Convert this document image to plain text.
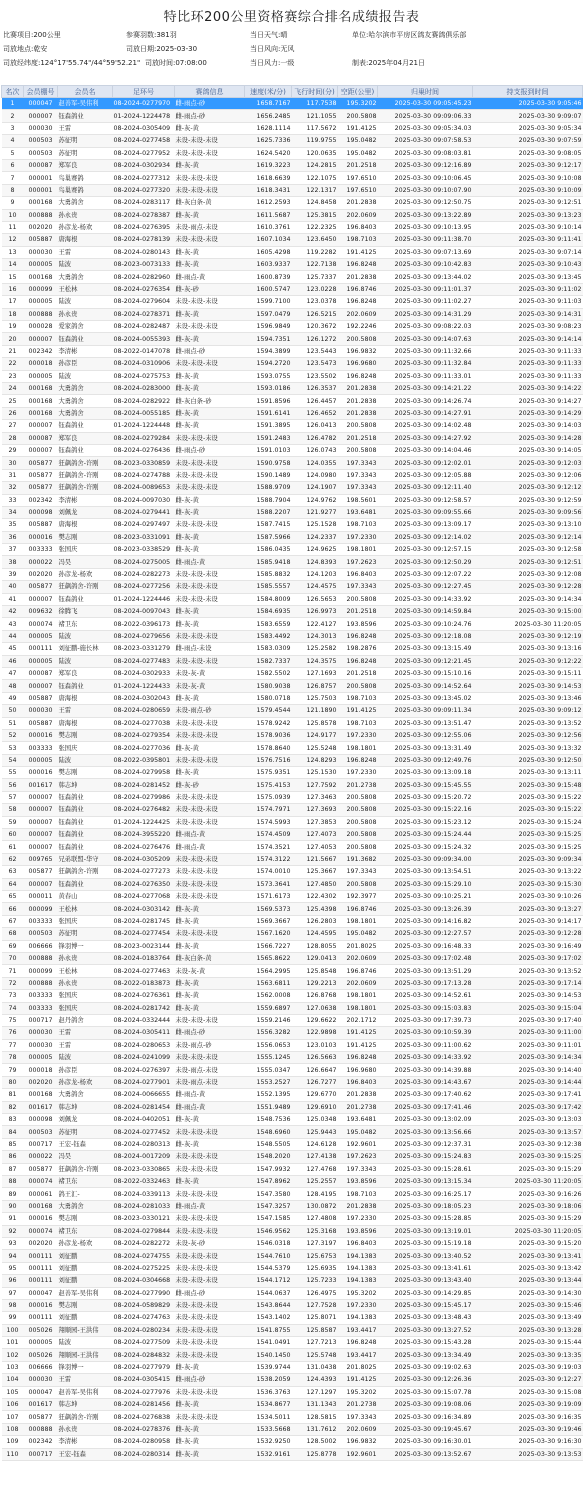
特比环200公里资格赛综合排名成绩报告表
比赛项目:200公里	参赛羽数:381羽	当日天气:晴	单位:哈尔滨市平房区鸽友赛鸽俱乐部
司放地点:乾安	司放日期:2025-03-30	当日风向:无风
司放经纬度:124°17'55.74"/44°59'52.21" 司放时间:07:08:00	当日风力:一级	制表:2025年04月21日
名次	会员棚号	会员名	足环号	赛鸽信息	速度(米/分)	飞行时间(分)	空距(公里)	归巢时间	持支报到时间
1	000047	赵善军-吴伟利	08-2024-0277970	雌-雨点-砂	1658.7167	117.7538	195.3202	2025-03-30 09:05:45.23	2025-03-30 9:05:46
2	000007	钰森鸽业	01-2024-1224478	雌-雨点-砂	1656.2485	121.1055	200.5808	2025-03-30 09:09:06.33	2025-03-30 9:09:07
3	000030	王雷	08-2024-0305409	雌-灰-黄	1628.1114	117.5672	191.4125	2025-03-30 09:05:34.03	2025-03-30 9:05:34
4	000503	苏征明	08-2024-0277458	未设-未设-未设	1625.7336	119.9755	195.0482	2025-03-30 09:07:58.53	2025-03-30 9:07:59
5	000503	苏征明	08-2024-0277952	未设-未设-未设	1624.5420	120.0635	195.0482	2025-03-30 09:08:03.81	2025-03-30 9:08:05
6	000087	郑军良	08-2024-0302934	雌-灰-黄	1619.3223	124.2815	201.2518	2025-03-30 09:12:16.89	2025-03-30 9:12:17
7	000001	鸟巢赛鸽	08-2024-0277312	未设-未设-未设	1618.6639	122.1075	197.6510	2025-03-30 09:10:06.45	2025-03-30 9:10:08
8	000001	鸟巢赛鸽	08-2024-0277320	未设-未设-未设	1618.3431	122.1317	197.6510	2025-03-30 09:10:07.90	2025-03-30 9:10:09
9	000168	大勇鸽舍	08-2024-0283117	雌-灰白条-黄	1612.2593	124.8458	201.2838	2025-03-30 09:12:50.75	2025-03-30 9:12:51
10	000888	孙永贵	08-2024-0278387	雌-灰-黄	1611.5687	125.3815	202.0609	2025-03-30 09:13:22.89	2025-03-30 9:13:23
11	002020	孙彦龙-杨欢	08-2024-0276395	未设-雨点-未设	1610.3761	122.2325	196.8403	2025-03-30 09:10:13.95	2025-03-30 9:10:14
12	005887	唐海根	08-2024-0278139	未设-未设-未设	1607.1034	123.6450	198.7103	2025-03-30 09:11:38.70	2025-03-30 9:11:41
13	000030	王雷	08-2024-0280143	雌-灰-黄	1605.4298	119.2282	191.4125	2025-03-30 09:07:13.69	2025-03-30 9:07:14
14	000005	陆波	08-2023-0073133	雌-灰-黄	1603.9337	122.7138	196.8248	2025-03-30 09:10:42.83	2025-03-30 9:10:43
15	000168	大勇鸽舍	08-2024-0282960	雌-雨点-黄	1600.8739	125.7337	201.2838	2025-03-30 09:13:44.02	2025-03-30 9:13:45
16	000099	王松林	08-2024-0276354	雌-灰-砂	1600.5747	123.0228	196.8746	2025-03-30 09:11:01.37	2025-03-30 9:11:02
17	000005	陆波	08-2024-0279604	未设-未设-未设	1599.7100	123.0378	196.8248	2025-03-30 09:11:02.27	2025-03-30 9:11:03
18	000888	孙永贵	08-2024-0278371	雌-灰-黄	1597.0479	126.5215	202.0609	2025-03-30 09:14:31.29	2025-03-30 9:14:31
19	000028	爱家鸽舍	08-2024-0282487	未设-未设-未设	1596.9849	120.3672	192.2246	2025-03-30 09:08:22.03	2025-03-30 9:08:23
20	000007	钰森鸽业	08-2024-0055393	雌-灰-黄	1594.7351	126.1272	200.5808	2025-03-30 09:14:07.63	2025-03-30 9:14:14
21	002342	李清彬	08-2022-0147078	雌-雨点-砂	1594.3899	123.5443	196.9832	2025-03-30 09:11:32.66	2025-03-30 9:11:33
22	000018	孙彦臣	08-2024-0310906	未设-未设-未设	1594.2720	123.5473	196.9680	2025-03-30 09:11:32.84	2025-03-30 9:11:33
23	000005	陆波	08-2024-0275753	雌-灰-黄	1593.0755	123.5502	196.8248	2025-03-30 09:11:33.01	2025-03-30 9:11:33
24	000168	大勇鸽舍	08-2024-0283000	雌-灰-黄	1593.0186	126.3537	201.2838	2025-03-30 09:14:21.22	2025-03-30 9:14:22
25	000168	大勇鸽舍	08-2024-0282922	雌-灰白条-砂	1591.8596	126.4457	201.2838	2025-03-30 09:14:26.74	2025-03-30 9:14:27
26	000168	大勇鸽舍	08-2024-0055185	雌-灰-黄	1591.6141	126.4652	201.2838	2025-03-30 09:14:27.91	2025-03-30 9:14:29
27	000007	钰森鸽业	01-2024-1224448	雌-灰-黄	1591.3895	126.0413	200.5808	2025-03-30 09:14:02.48	2025-03-30 9:14:03
28	000087	郑军良	08-2024-0279284	未设-未设-未设	1591.2483	126.4782	201.2518	2025-03-30 09:14:27.92	2025-03-30 9:14:28
29	000007	钰森鸽业	08-2024-0276436	雌-雨点-砂	1591.0103	126.0743	200.5808	2025-03-30 09:14:04.46	2025-03-30 9:14:05
30	005877	狂飙鸽舍-许刚	08-2023-0330859	未设-未设-未设	1590.9758	124.0355	197.3343	2025-03-30 09:12:02.01	2025-03-30 9:12:03
31	005877	狂飙鸽舍-许刚	08-2024-0274788	未设-未设-未设	1590.1489	124.0980	197.3343	2025-03-30 09:12:05.88	2025-03-30 9:12:06
32	005877	狂飙鸽舍-许刚	08-2024-0089653	未设-未设-未设	1588.9709	124.1907	197.3343	2025-03-30 09:12:11.40	2025-03-30 9:12:12
33	002342	李清彬	08-2024-0097030	雌-灰-黄	1588.7904	124.9762	198.5601	2025-03-30 09:12:58.57	2025-03-30 9:12:59
34	000098	刘佩龙	08-2024-0279441	雌-灰-黄	1588.2207	121.9277	193.6481	2025-03-30 09:09:55.66	2025-03-30 9:09:56
35	005887	唐海根	08-2024-0297497	未设-未设-未设	1587.7415	125.1528	198.7103	2025-03-30 09:13:09.17	2025-03-30 9:13:10
36	000016	樊志刚	08-2023-0331091	雌-灰-黄	1587.5966	124.2337	197.2330	2025-03-30 09:12:14.02	2025-03-30 9:12:14
37	003333	张国庆	08-2023-0338529	雌-灰-黄	1586.0435	124.9625	198.1801	2025-03-30 09:12:57.15	2025-03-30 9:12:58
38	000022	冯昊	08-2024-0275005	雌-雨点-黄	1585.9418	124.8393	197.2623	2025-03-30 09:12:50.29	2025-03-30 9:12:51
39	002020	孙彦龙-杨欢	08-2024-0282273	未设-未设-未设	1585.8832	124.1203	196.8403	2025-03-30 09:12:07.22	2025-03-30 9:12:08
40	005877	狂飙鸽舍-许刚	08-2024-0277256	未设-未设-未设	1585.5557	124.4575	197.3343	2025-03-30 09:12:27.45	2025-03-30 9:12:28
41	000007	钰森鸽业	01-2024-1224446	未设-未设-未设	1584.8009	126.5653	200.5808	2025-03-30 09:14:33.92	2025-03-30 9:14:34
42	009632	徐腾飞	08-2024-0097043	雌-灰-黄	1584.6935	126.9973	201.2518	2025-03-30 09:14:59.84	2025-03-30 9:15:00
43	000074	褚卫东	08-2022-0396173	雌-灰-黄	1583.6559	122.4127	193.8596	2025-03-30 09:10:24.76	2025-03-30 11:20:05
44	000005	陆波	08-2024-0279656	未设-未设-未设	1583.4492	124.3013	196.8248	2025-03-30 09:12:18.08	2025-03-30 9:12:19
45	000111	刘征鹏-施长林	08-2023-0331279	雌-雨点-未设	1583.0309	125.2582	198.2876	2025-03-30 09:13:15.49	2025-03-30 9:13:16
46	000005	陆波	08-2024-0277483	未设-未设-未设	1582.7337	124.3575	196.8248	2025-03-30 09:12:21.45	2025-03-30 9:12:22
47	000087	郑军良	08-2024-0302933	未设-灰-黄	1582.5502	127.1693	201.2518	2025-03-30 09:15:10.16	2025-03-30 9:15:11
48	000007	钰森鸽业	01-2024-1224433	未设-灰-黄	1580.9038	126.8757	200.5808	2025-03-30 09:14:52.64	2025-03-30 9:14:53
49	005887	唐海根	08-2024-0302043	雌-灰-黄	1580.0718	125.7503	198.7103	2025-03-30 09:13:45.02	2025-03-30 9:13:46
50	000030	王雷	08-2024-0280659	未设-雨点-砂	1579.4544	121.1890	191.4125	2025-03-30 09:09:11.34	2025-03-30 9:09:12
51	005887	唐海根	08-2024-0277038	未设-未设-未设	1578.9242	125.8578	198.7103	2025-03-30 09:13:51.47	2025-03-30 9:13:52
52	000016	樊志刚	08-2024-0279354	未设-未设-未设	1578.9036	124.9177	197.2330	2025-03-30 09:12:55.06	2025-03-30 9:12:56
53	003333	张国庆	08-2024-0277036	雌-灰-黄	1578.8640	125.5248	198.1801	2025-03-30 09:13:31.49	2025-03-30 9:13:32
54	000005	陆波	08-2022-0395801	未设-未设-未设	1576.7516	124.8293	196.8248	2025-03-30 09:12:49.76	2025-03-30 9:12:50
55	000016	樊志刚	08-2024-0279958	雌-灰-黄	1575.9351	125.1530	197.2330	2025-03-30 09:13:09.18	2025-03-30 9:13:11
56	001617	韩志坤	08-2024-0281452	雌-灰-砂	1575.4153	127.7592	201.2738	2025-03-30 09:15:45.55	2025-03-30 9:15:48
57	000007	钰森鸽业	08-2024-0279986	未设-未设-未设	1575.0939	127.3463	200.5808	2025-03-30 09:15:20.72	2025-03-30 9:15:22
58	000007	钰森鸽业	08-2024-0276482	未设-未设-未设	1574.7971	127.3693	200.5808	2025-03-30 09:15:22.16	2025-03-30 9:15:22
59	000007	钰森鸽业	01-2024-1224425	未设-未设-未设	1574.5993	127.3853	200.5808	2025-03-30 09:15:23.12	2025-03-30 9:15:24
60	000007	钰森鸽业	08-2024-3955220	雌-雨点-黄	1574.4509	127.4073	200.5808	2025-03-30 09:15:24.44	2025-03-30 9:15:25
61	000007	钰森鸽业	08-2024-0276476	雌-雨点-黄	1574.3521	127.4053	200.5808	2025-03-30 09:15:24.32	2025-03-30 9:15:25
62	009765	兄弟联盟-华守	08-2024-0305209	未设-未设-未设	1574.3122	121.5667	191.3682	2025-03-30 09:09:34.00	2025-03-30 9:09:34
63	005877	狂飙鸽舍-许刚	08-2024-0277273	未设-未设-未设	1574.0010	125.3667	197.3343	2025-03-30 09:13:54.51	2025-03-30 9:13:22
64	000007	钰森鸽业	08-2024-0276350	未设-未设-未设	1573.3641	127.4850	200.5808	2025-03-30 09:15:29.10	2025-03-30 9:15:30
65	000011	黄春山	08-2024-0277068	未设-未设-未设	1571.6173	122.4302	192.3977	2025-03-30 09:10:25.21	2025-03-30 9:10:26
66	000099	王松林	08-2024-0303142	雌-灰-黄	1569.5373	125.4398	196.8746	2025-03-30 09:13:26.39	2025-03-30 9:13:27
67	003333	张国庆	08-2024-0281745	雌-灰-黄	1569.3667	126.2803	198.1801	2025-03-30 09:14:16.82	2025-03-30 9:14:17
68	000503	苏征明	08-2024-0277454	未设-未设-未设	1567.1620	124.4595	195.0482	2025-03-30 09:12:27.57	2025-03-30 9:12:28
69	006666	锋羽博一	08-2023-0023144	雌-灰-黄	1566.7227	128.8055	201.8025	2025-03-30 09:16:48.33	2025-03-30 9:16:49
70	000888	孙永贵	08-2024-0183764	雌-灰白条-黄	1565.8622	129.0413	202.0609	2025-03-30 09:17:02.48	2025-03-30 9:17:02
71	000099	王松林	08-2024-0277463	未设-灰-黄	1564.2995	125.8548	196.8746	2025-03-30 09:13:51.29	2025-03-30 9:13:52
72	000888	孙永贵	08-2022-0183873	雌-灰-黄	1563.6811	129.2213	202.0609	2025-03-30 09:17:13.28	2025-03-30 9:17:14
73	003333	张国庆	08-2024-0276361	雌-灰-黄	1562.0008	126.8768	198.1801	2025-03-30 09:14:52.61	2025-03-30 9:14:53
74	003333	张国庆	08-2024-0281742	雌-灰-黄	1559.6897	127.0638	198.1801	2025-03-30 09:15:03.83	2025-03-30 9:15:04
75	000717	赵丹鸽舍	08-2024-0332444	未设-未设-未设	1559.2146	129.6622	202.1712	2025-03-30 09:17:39.73	2025-03-30 9:17:40
76	000030	王雷	08-2024-0305411	雌-雨点-砂	1556.3282	122.9898	191.4125	2025-03-30 09:10:59.39	2025-03-30 9:11:00
77	000030	王雷	08-2024-0280653	未设-雨点-砂	1556.0653	123.0103	191.4125	2025-03-30 09:11:00.62	2025-03-30 9:11:01
78	000005	陆波	08-2024-0241099	未设-未设-未设	1555.1245	126.5663	196.8248	2025-03-30 09:14:33.92	2025-03-30 9:14:34
79	000018	孙彦臣	08-2024-0276397	未设-雨点-未设	1555.0347	126.6647	196.9680	2025-03-30 09:14:39.88	2025-03-30 9:14:40
80	002020	孙彦龙-杨欢	08-2024-0277901	未设-雨点-未设	1553.2527	126.7277	196.8403	2025-03-30 09:14:43.67	2025-03-30 9:14:44
81	000168	大勇鸽舍	08-2024-0066655	雌-雨点-黄	1552.1395	129.6770	201.2838	2025-03-30 09:17:40.62	2025-03-30 9:17:41
82	001617	韩志坤	08-2024-0281454	雌-雨点-黄	1551.9489	129.6910	201.2738	2025-03-30 09:17:41.46	2025-03-30 9:17:42
83	000098	刘佩龙	08-2024-0402051	雌-灰-黄	1548.7536	125.0348	193.6481	2025-03-30 09:13:02.09	2025-03-30 9:13:03
84	000503	苏征明	08-2024-0277452	未设-未设-未设	1548.6960	125.9443	195.0482	2025-03-30 09:13:56.66	2025-03-30 9:13:57
85	000717	王宏-钰森	08-2024-0280313	雌-灰-黄	1548.5505	124.6128	192.9601	2025-03-30 09:12:37.31	2025-03-30 9:12:38
86	000022	冯昊	08-2024-0017209	未设-未设-未设	1548.2020	127.4138	197.2623	2025-03-30 09:15:24.83	2025-03-30 9:15:25
87	005877	狂飙鸽舍-许刚	08-2023-0330865	未设-未设-未设	1547.9932	127.4768	197.3343	2025-03-30 09:15:28.61	2025-03-30 9:15:29
88	000074	褚卫东	08-2022-0332463	雌-灰-黄	1547.8962	125.2557	193.8596	2025-03-30 09:13:15.34	2025-03-30 11:20:05
89	000061	鸽王汇-	08-2024-0339113	未设-未设-未设	1547.3580	128.4195	198.7103	2025-03-30 09:16:25.17	2025-03-30 9:16:26
90	000168	大勇鸽舍	08-2024-0281033	雌-雨点-黄	1547.3257	130.0872	201.2838	2025-03-30 09:18:05.23	2025-03-30 9:18:06
91	000016	樊志刚	08-2023-0330121	未设-未设-未设	1547.1585	127.4808	197.2330	2025-03-30 09:15:28.85	2025-03-30 9:15:29
92	000074	褚卫东	08-2024-0279844	未设-未设-未设	1546.9562	125.3168	193.8596	2025-03-30 09:13:19.01	2025-03-30 11:20:05
93	002020	孙彦龙-杨欢	08-2024-0282272	未设-灰-砂	1546.0318	127.3197	196.8403	2025-03-30 09:15:19.18	2025-03-30 9:15:20
94	000111	刘征鹏	08-2024-0274755	未设-未设-未设	1544.7610	125.6753	194.1383	2025-03-30 09:13:40.52	2025-03-30 9:13:41
95	000111	刘征鹏	08-2024-0275225	未设-未设-未设	1544.5379	125.6935	194.1383	2025-03-30 09:13:41.61	2025-03-30 9:13:42
96	000111	刘征鹏	08-2024-0304668	未设-未设-未设	1544.1712	125.7233	194.1383	2025-03-30 09:13:43.40	2025-03-30 9:13:44
97	000047	赵善军-吴伟利	08-2024-0277990	雌-雨点-砂	1544.0637	126.4975	195.3202	2025-03-30 09:14:29.85	2025-03-30 9:14:30
98	000016	樊志刚	08-2024-0589829	未设-未设-未设	1543.8644	127.7528	197.2330	2025-03-30 09:15:45.17	2025-03-30 9:15:46
99	000111	刘征鹏	08-2024-0274763	未设-未设-未设	1543.1402	125.8071	194.1383	2025-03-30 09:13:48.43	2025-03-30 9:13:49
100	005026	翔顺园-王洪伟	08-2024-0280234	未设-未设-未设	1541.8755	125.8587	193.4417	2025-03-30 09:13:27.52	2025-03-30 9:13:28
101	000005	陆波	08-2024-0277509	未设-未设-未设	1541.0491	127.7213	196.8248	2025-03-30 09:15:43.28	2025-03-30 9:15:44
102	005026	翔顺园-王洪伟	08-2024-0284832	未设-未设-未设	1540.1450	125.5748	193.4417	2025-03-30 09:13:34.49	2025-03-30 9:13:35
103	006666	锋羽博一	08-2024-0277979	雌-灰-黄	1539.9744	131.0438	201.8025	2025-03-30 09:19:02.63	2025-03-30 9:19:03
104	000030	王雷	08-2024-0305415	雌-雨点-砂	1538.2059	124.4393	191.4125	2025-03-30 09:12:26.36	2025-03-30 9:12:27
105	000047	赵善军-吴伟利	08-2024-0277976	未设-未设-未设	1536.3763	127.1297	195.3202	2025-03-30 09:15:07.78	2025-03-30 9:15:08
106	001617	韩志坤	08-2024-0281456	雌-灰-黄	1534.8677	131.1343	201.2738	2025-03-30 09:19:08.06	2025-03-30 9:19:09
107	005877	狂飙鸽舍-许刚	08-2024-0276838	未设-未设-未设	1534.5011	128.5815	197.3343	2025-03-30 09:16:34.89	2025-03-30 9:16:35
108	000888	孙永贵	08-2024-0278376	雌-灰-黄	1533.5668	131.7612	202.0609	2025-03-30 09:19:45.67	2025-03-30 9:19:46
109	002342	李清彬	08-2024-0280958	雌-灰-黄	1532.9250	128.5002	196.9832	2025-03-30 09:16:30.01	2025-03-30 9:16:30
110	000717	王宏-钰森	08-2024-0280314	雌-灰-黄	1532.9161	125.8778	192.9601	2025-03-30 09:13:52.67	2025-03-30 9:13:53
